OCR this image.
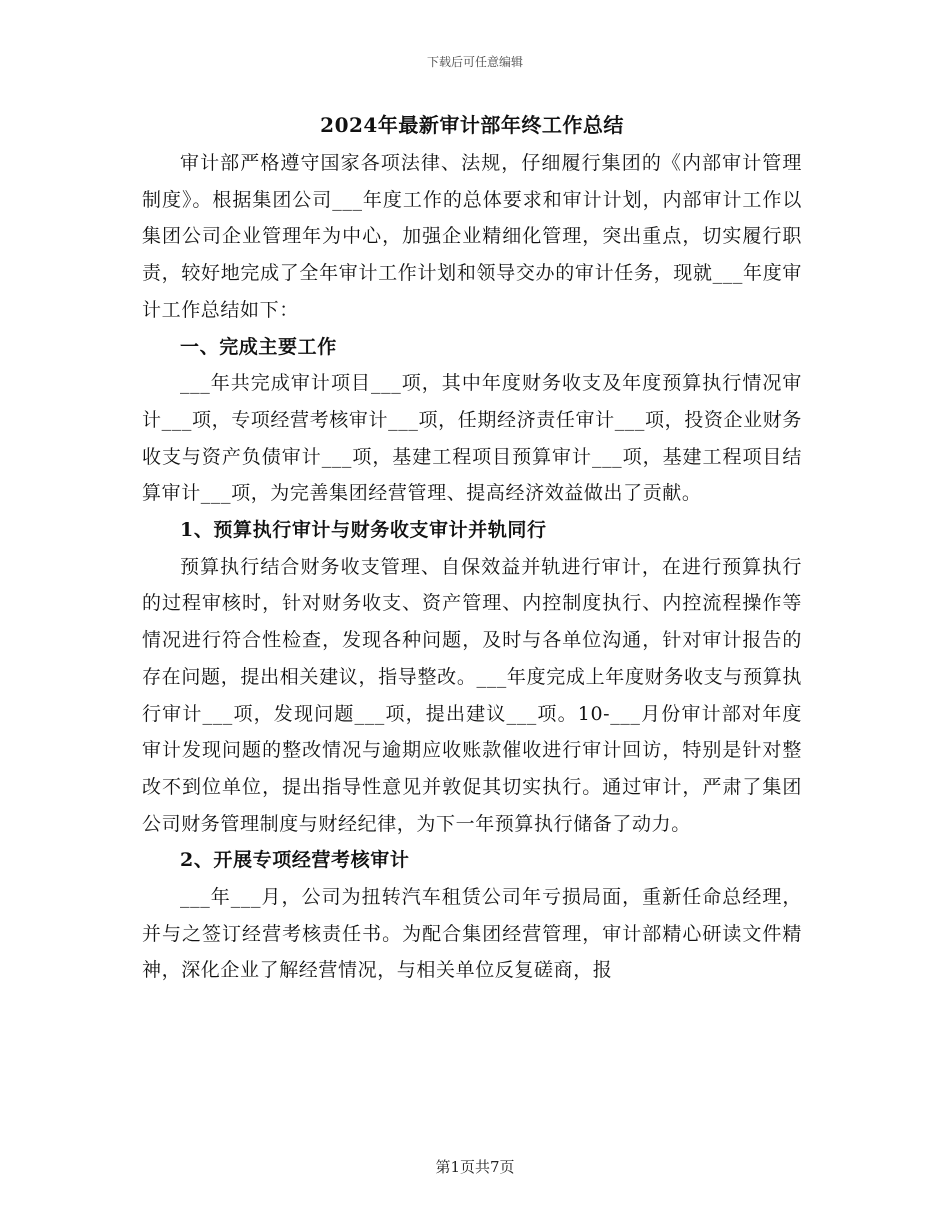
下载后可任意编辑
2024年最新审计部年终工作总结

审计部严格遵守国家各项法律、法规，仔细履行集团的《内部审计管理制度》。根据集团公司___年度工作的总体要求和审计计划，内部审计工作以集团公司企业管理年为中心，加强企业精细化管理，突出重点，切实履行职责，较好地完成了全年审计工作计划和领导交办的审计任务，现就___年度审计工作总结如下：

一、完成主要工作

___年共完成审计项目___项，其中年度财务收支及年度预算执行情况审计___项，专项经营考核审计___项，任期经济责任审计___项，投资企业财务收支与资产负债审计___项，基建工程项目预算审计___项，基建工程项目结算审计___项，为完善集团经营管理、提高经济效益做出了贡献。

1、预算执行审计与财务收支审计并轨同行

预算执行结合财务收支管理、自保效益并轨进行审计，在进行预算执行的过程审核时，针对财务收支、资产管理、内控制度执行、内控流程操作等情况进行符合性检查，发现各种问题，及时与各单位沟通，针对审计报告的存在问题，提出相关建议，指导整改。___年度完成上年度财务收支与预算执行审计___项，发现问题___项，提出建议___项。10-___月份审计部对年度审计发现问题的整改情况与逾期应收账款催收进行审计回访，特别是针对整改不到位单位，提出指导性意见并敦促其切实执行。通过审计，严肃了集团公司财务管理制度与财经纪律，为下一年预算执行储备了动力。

2、开展专项经营考核审计

___年___月，公司为扭转汽车租赁公司年亏损局面，重新任命总经理，并与之签订经营考核责任书。为配合集团经营管理，审计部精心研读文件精神，深化企业了解经营情况，与相关单位反复磋商，报

第1页共7页
